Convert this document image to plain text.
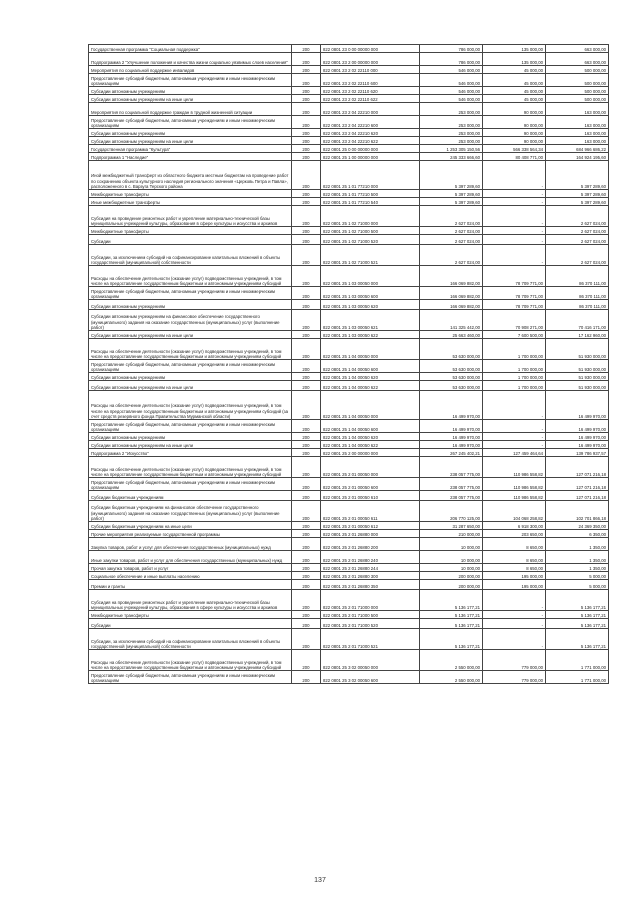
Государственная программа "Социальная поддержка"	200	822 0801 23 0 00 00000 000	786 000,00	135 000,00	663 000,00
Подпрограмма 2 "Улучшение положения и качества жизни социально уязвимых слоев населения"	200	822 0801 23 2 00 00000 000	786 000,00	135 000,00	663 000,00
Мероприятия по социальной поддержке инвалидов	200	822 0801 23 2 02 22110 000	546 000,00	45 000,00	500 000,00
Предоставление субсидий бюджетным, автономным учреждениям и иным некоммерческим организациям	200	822 0801 23 2 02 22110 600	546 000,00	45 000,00	500 000,00
Субсидии автономным учреждениям	200	822 0801 23 2 02 22110 620	546 000,00	45 000,00	500 000,00
Субсидии автономным учреждениям на иные цели	200	822 0801 23 2 02 22110 622	546 000,00	45 000,00	500 000,00
Мероприятия по социальной поддержке граждан в трудной жизненной ситуации	200	822 0801 23 2 04 22210 000	253 000,00	90 000,00	163 000,00
Предоставление субсидий бюджетным, автономным учреждениям и иным некоммерческим организациям	200	822 0801 23 2 04 22210 600	253 000,00	90 000,00	163 000,00
Субсидии автономным учреждениям	200	822 0801 23 2 04 22210 620	253 000,00	90 000,00	163 000,00
Субсидии автономным учреждениям на иные цели	200	822 0801 23 2 04 22210 622	253 000,00	90 000,00	163 000,00
Государственная программа "Культура"	200	822 0801 25 0 00 00000 000	1 253 305 150,56	566 338 564,34	684 966 686,22
Подпрограмма 1 "Наследие"	200	822 0801 25 1 00 00000 000	245 333 666,60	80 408 771,00	164 924 195,60
Иной межбюджетный трансферт из областного бюджета местным бюджетам на проведение работ по сохранению объекта культурного наследия регионального значения «Церковь Петра и Павла», расположенного в с. Варзуга Терского района	200	822 0801 25 1 01 77210 000	5 397 289,60	-	5 397 289,60
Межбюджетные трансферты	200	822 0801 25 1 01 77210 500	5 397 289,60	-	5 397 289,60
Иные межбюджетные трансферты	200	822 0801 25 1 01 77210 540	5 397 289,60	-	5 397 289,60
Субсидия на проведение ремонтных работ и укрепление материально-технической базы муниципальных учреждений культуры, образования в сфере культуры и искусства и архивов	200	822 0801 25 1 02 71000 000	2 627 024,00	-	2 627 024,00
Межбюджетные трансферты	200	822 0801 25 1 02 71000 500	2 627 024,00	-	2 627 024,00
Субсидии	200	822 0801 25 1 02 71000 520	2 627 024,00	-	2 627 024,00
Субсидии, за исключением субсидий на софинансирование капитальных вложений в объекты государственной (муниципальной) собственности	200	822 0801 25 1 02 71000 521	2 627 024,00	-	2 627 024,00
Расходы на обеспечение деятельности (оказание услуг) подведомственных учреждений, в том числе на предоставление государственным бюджетным и автономным учреждениям субсидий	200	822 0801 25 1 03 00050 000	166 069 882,00	78 709 771,00	86 370 111,00
Предоставление субсидий бюджетным, автономным учреждениям и иным некоммерческим организациям	200	822 0801 25 1 03 00050 600	166 069 882,00	78 709 771,00	86 370 111,00
Субсидии автономным учреждениям	200	822 0801 25 1 03 00050 620	166 069 882,00	78 709 771,00	86 370 111,00
Субсидии автономным учреждениям на финансовое обеспечение государственного (муниципального) задания на оказание государственных (муниципальных) услуг (выполнение работ)	200	822 0801 25 1 03 00050 621	141 325 442,00	70 908 271,00	70 416 171,00
Субсидии автономным учреждениям на иные цели	200	822 0801 25 1 03 00050 622	25 663 460,00	7 600 500,00	17 162 960,00
Расходы на обеспечение деятельности (оказание услуг) подведомственных учреждений, в том числе на предоставление государственным бюджетным и автономным учреждениям субсидий	200	822 0801 25 1 04 00050 000	53 630 000,00	1 700 000,00	51 930 000,00
Предоставление субсидий бюджетным, автономным учреждениям и иным некоммерческим организациям	200	822 0801 25 1 04 00050 600	53 630 000,00	1 700 000,00	51 930 000,00
Субсидии автономным учреждениям	200	822 0801 25 1 04 00050 620	53 630 000,00	1 700 000,00	51 930 000,00
Субсидии автономным учреждениям на иные цели	200	822 0801 25 1 04 00050 622	53 630 000,00	1 700 000,00	51 930 000,00
Расходы на обеспечение деятельности (оказание услуг) подведомственных учреждений, в том числе на предоставление государственным бюджетным и автономным учреждениям субсидий (за счет средств резервного фонда Правительства Мурманской области)	200	822 0801 25 1 04 00050 000	16 499 970,00	-	16 499 970,00
Предоставление субсидий бюджетным, автономным учреждениям и иным некоммерческим организациям	200	822 0801 25 1 04 00050 600	16 499 970,00	-	16 499 970,00
Субсидии автономным учреждениям	200	822 0801 25 1 04 00050 620	16 499 970,00	-	16 499 970,00
Субсидии автономным учреждениям на иные цели	200	822 0801 25 1 04 00050 622	16 499 970,00	-	16 499 970,00
Подпрограмма 2 "Искусство"	200	822 0801 25 2 00 00000 000	267 245 402,21	127 459 464,64	139 786 937,57
Расходы на обеспечение деятельности (оказание услуг) подведомственных учреждений, в том числе на предоставление государственным бюджетным и автономным учреждениям субсидий	200	822 0801 25 2 01 00050 000	238 057 775,00	110 986 558,82	127 071 216,18
Предоставление субсидий бюджетным, автономным учреждениям и иным некоммерческим организациям	200	822 0801 25 2 01 00050 600	238 057 775,00	110 986 558,82	127 071 216,18
Субсидии бюджетным учреждениям	200	822 0801 25 2 01 00050 610	238 057 775,00	110 986 558,82	127 071 216,18
Субсидии бюджетным учреждениям на финансовое обеспечение государственного (муниципального) задания на оказание государственных (муниципальных) услуг (выполнение работ)	200	822 0801 25 2 01 00050 611	206 770 125,00	104 068 258,82	102 701 866,18
Субсидии бюджетным учреждениям на иные цели	200	822 0801 25 2 01 00050 612	31 287 650,00	6 918 300,00	24 369 350,00
Прочие мероприятия реализуемые государственной программы	200	822 0801 25 2 01 26880 000	210 000,00	203 650,00	6 350,00
Закупка товаров, работ и услуг для обеспечения государственных (муниципальных) нужд	200	822 0801 25 2 01 26880 200	10 000,00	8 650,00	1 350,00
Иные закупки товаров, работ и услуг для обеспечения государственных (муниципальных) нужд	200	822 0801 25 2 01 26880 240	10 000,00	8 650,00	1 350,00
Прочая закупка товаров, работ и услуг	200	822 0801 25 2 01 26880 244	10 000,00	8 650,00	1 350,00
Социальное обеспечение и иные выплаты населению	200	822 0801 25 2 01 26880 300	200 000,00	195 000,00	5 000,00
Премии и гранты	200	822 0801 25 2 01 26880 350	200 000,00	195 000,00	5 000,00
Субсидия на проведение ремонтных работ и укрепление материально-технической базы муниципальных учреждений культуры, образования в сфере культуры и искусства и архивов	200	822 0801 25 2 01 71000 000	5 136 177,21	-	5 136 177,21
Межбюджетные трансферты	200	822 0801 25 2 01 71000 500	5 136 177,21	-	5 136 177,21
Субсидии	200	822 0801 25 2 01 71000 520	5 136 177,21	-	5 136 177,21
Субсидии, за исключением субсидий на софинансирование капитальных вложений в объекты государственной (муниципальной) собственности	200	822 0801 25 2 01 71000 521	5 136 177,21	-	5 136 177,21
Расходы на обеспечение деятельности (оказание услуг) подведомственных учреждений, в том числе на предоставление государственным бюджетным и автономным учреждениям субсидий	200	822 0801 25 3 02 00050 000	2 550 000,00	779 000,00	1 771 000,00
Предоставление субсидий бюджетным, автономным учреждениям и иным некоммерческим организациям	200	822 0801 25 3 02 00050 600	2 550 000,00	779 000,00	1 771 000,00
137
